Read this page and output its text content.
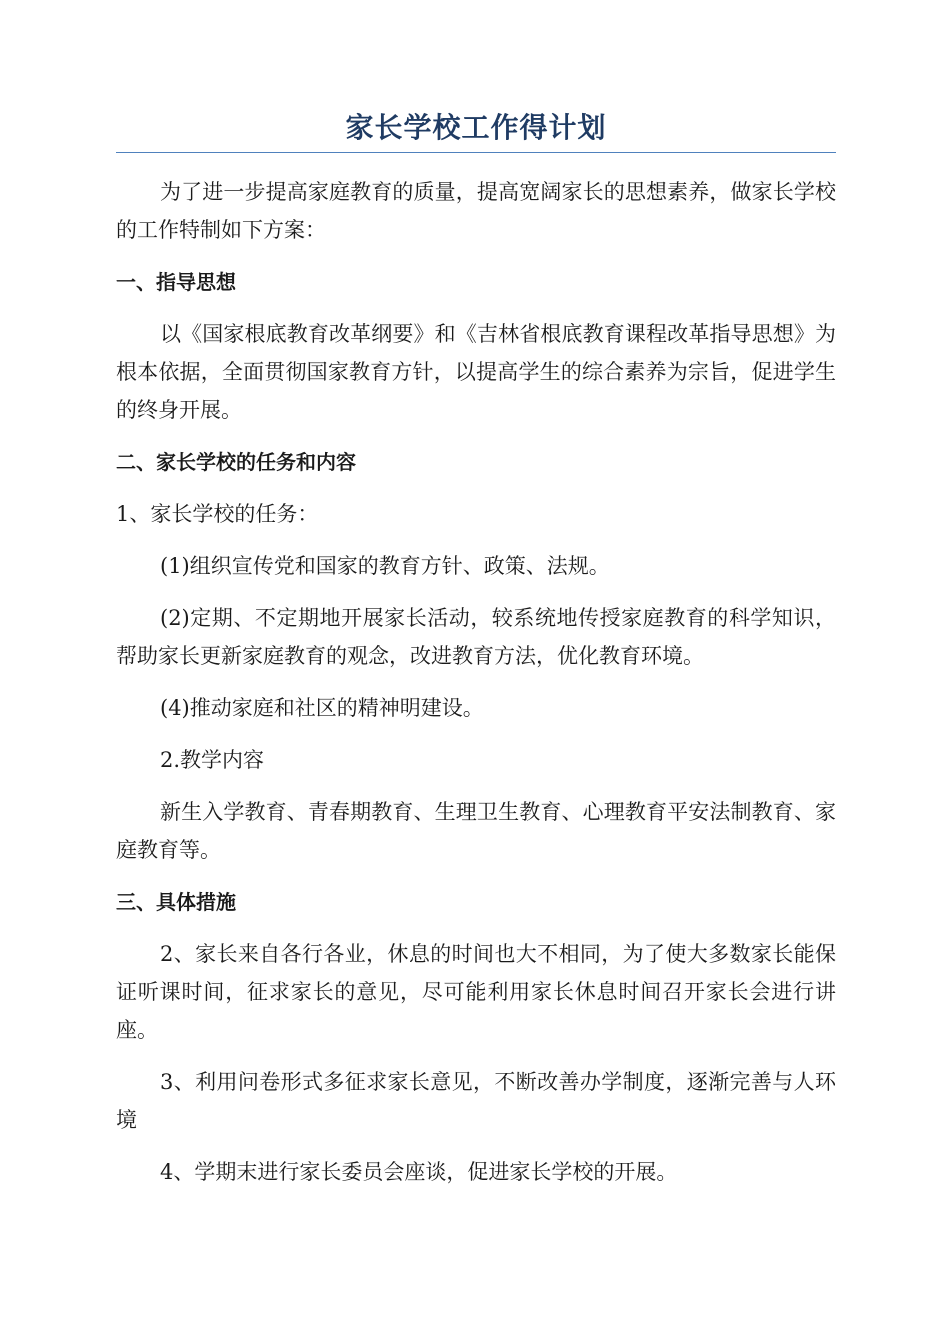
家长学校工作得计划

为了进一步提高家庭教育的质量，提高宽阔家长的思想素养，做家长学校的工作特制如下方案：

一、指导思想

以《国家根底教育改革纲要》和《吉林省根底教育课程改革指导思想》为根本依据，全面贯彻国家教育方针，以提高学生的综合素养为宗旨，促进学生的终身开展。

二、家长学校的任务和内容

1、家长学校的任务：

(1)组织宣传党和国家的教育方针、政策、法规。

(2)定期、不定期地开展家长活动，较系统地传授家庭教育的科学知识，帮助家长更新家庭教育的观念，改进教育方法，优化教育环境。

(4)推动家庭和社区的精神明建设。

2.教学内容

新生入学教育、青春期教育、生理卫生教育、心理教育平安法制教育、家庭教育等。

三、具体措施

2、家长来自各行各业，休息的时间也大不相同，为了使大多数家长能保证听课时间，征求家长的意见，尽可能利用家长休息时间召开家长会进行讲座。

3、利用问卷形式多征求家长意见，不断改善办学制度，逐渐完善与人环境

4、学期末进行家长委员会座谈，促进家长学校的开展。
